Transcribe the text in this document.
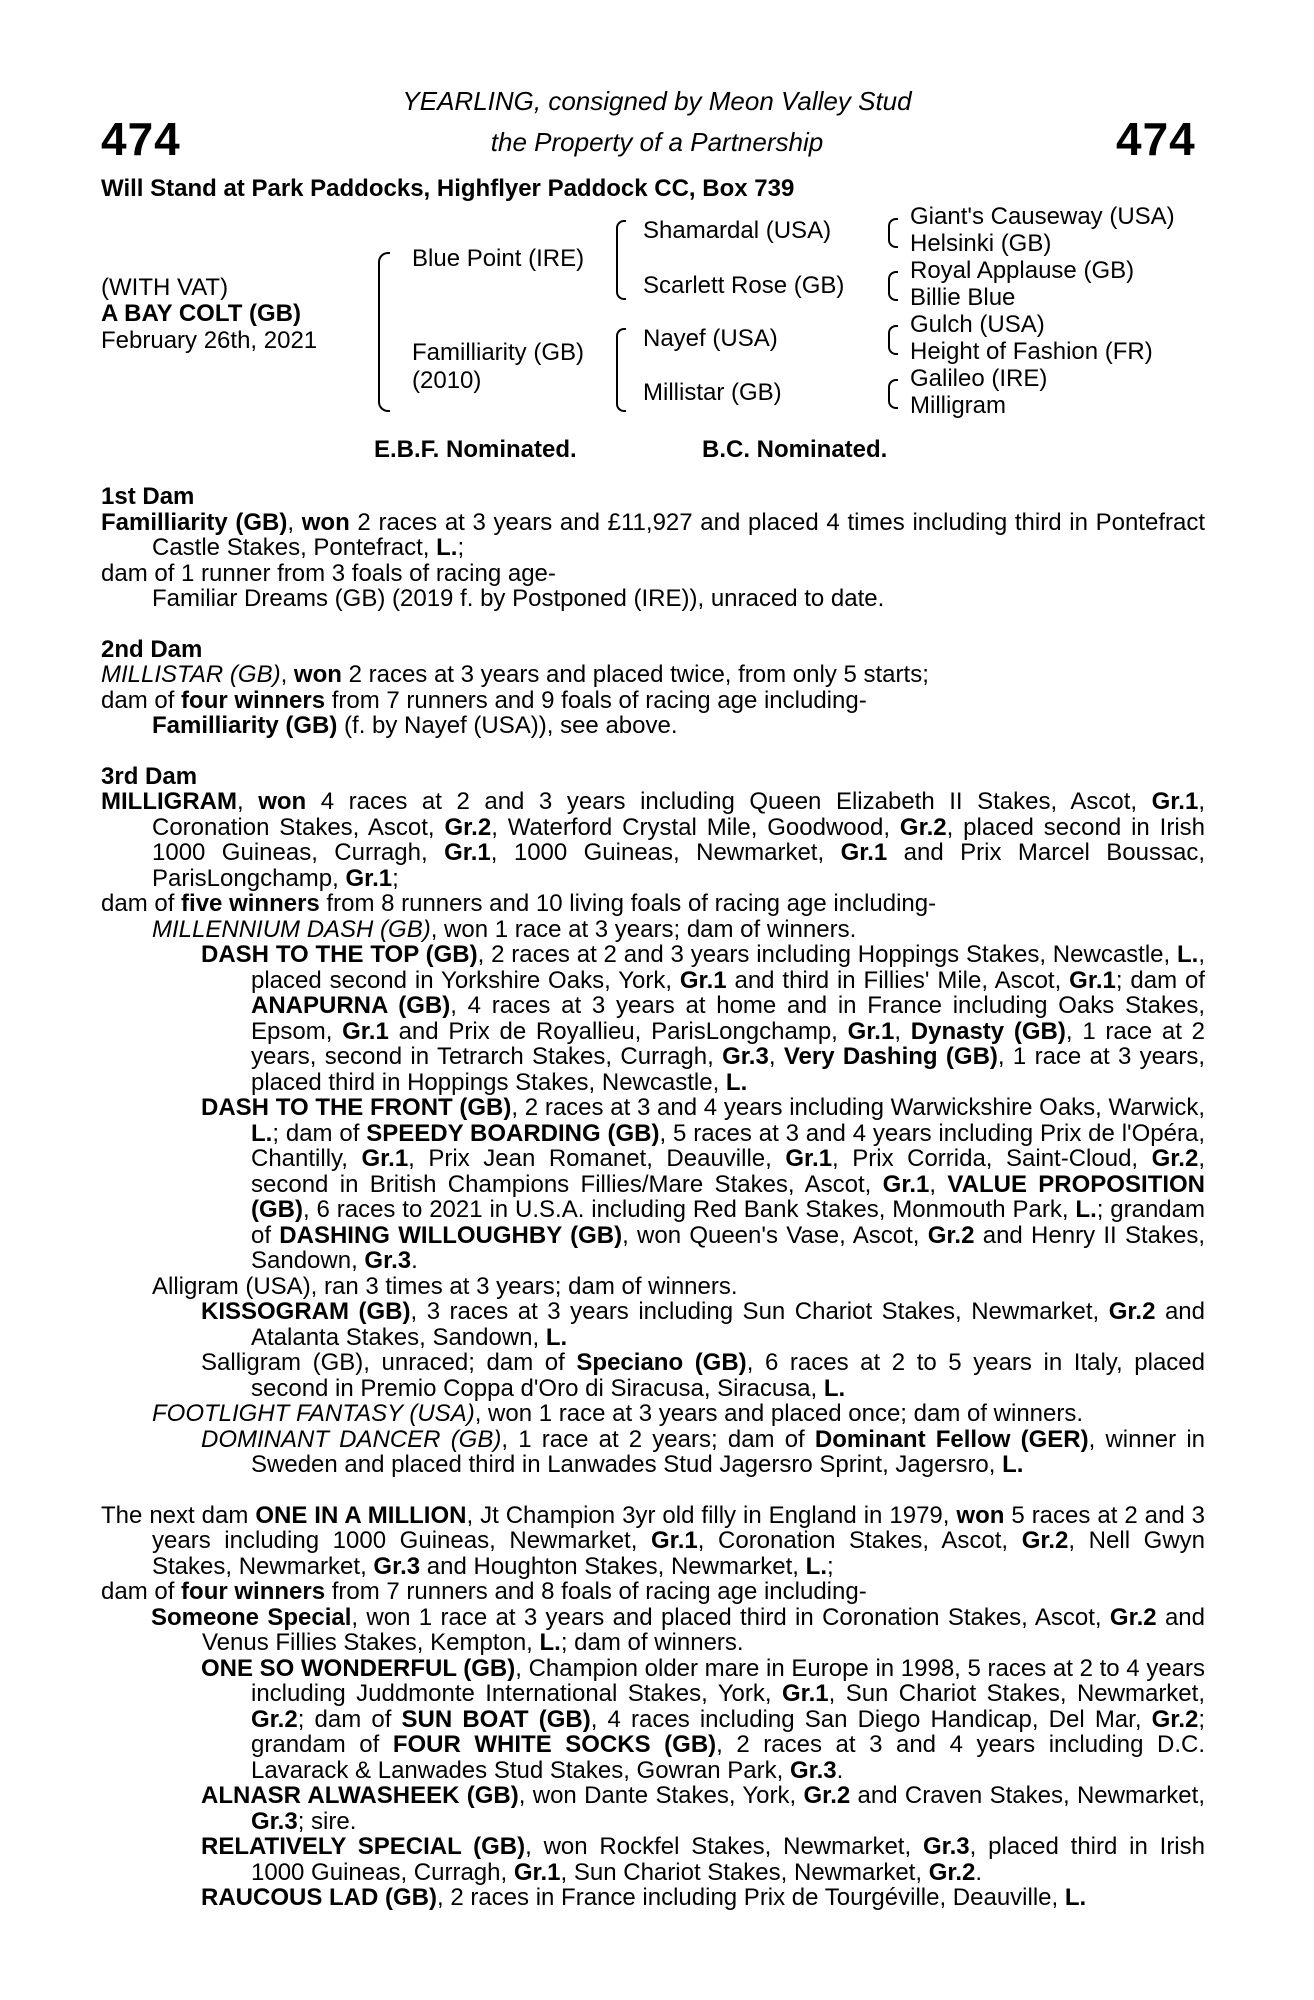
474	474
YEARLING, consigned by Meon Valley Stud
the Property of a Partnership
Will Stand at Park Paddocks, Highflyer Paddock CC, Box 739
(WITH VAT)
A BAY COLT (GB)
February 26th, 2021
Blue Point (IRE)
Familliarity (GB)
(2010)
Shamardal (USA)
Scarlett Rose (GB)
Nayef (USA)
Millistar (GB)
Giant's Causeway (USA)
Helsinki (GB)
Royal Applause (GB)
Billie Blue
Gulch (USA)
Height of Fashion (FR)
Galileo (IRE)
Milligram
E.B.F. Nominated.	B.C. Nominated.

1st Dam

Familliarity (GB), won 2 races at 3 years and £11,927 and placed 4 times including third in Pontefract Castle Stakes, Pontefract, L.;

dam of 1 runner from 3 foals of racing age-

Familiar Dreams (GB) (2019 f. by Postponed (IRE)), unraced to date.

2nd Dam

MILLISTAR (GB), won 2 races at 3 years and placed twice, from only 5 starts;

dam of four winners from 7 runners and 9 foals of racing age including-

Familliarity (GB) (f. by Nayef (USA)), see above.

3rd Dam

MILLIGRAM, won 4 races at 2 and 3 years including Queen Elizabeth II Stakes, Ascot, Gr.1, Coronation Stakes, Ascot, Gr.2, Waterford Crystal Mile, Goodwood, Gr.2, placed second in Irish 1000 Guineas, Curragh, Gr.1, 1000 Guineas, Newmarket, Gr.1 and Prix Marcel Boussac, ParisLongchamp, Gr.1;

dam of five winners from 8 runners and 10 living foals of racing age including-

MILLENNIUM DASH (GB), won 1 race at 3 years; dam of winners.

DASH TO THE TOP (GB), 2 races at 2 and 3 years including Hoppings Stakes, Newcastle, L., placed second in Yorkshire Oaks, York, Gr.1 and third in Fillies' Mile, Ascot, Gr.1; dam of ANAPURNA (GB), 4 races at 3 years at home and in France including Oaks Stakes, Epsom, Gr.1 and Prix de Royallieu, ParisLongchamp, Gr.1, Dynasty (GB), 1 race at 2 years, second in Tetrarch Stakes, Curragh, Gr.3, Very Dashing (GB), 1 race at 3 years, placed third in Hoppings Stakes, Newcastle, L.

DASH TO THE FRONT (GB), 2 races at 3 and 4 years including Warwickshire Oaks, Warwick, L.; dam of SPEEDY BOARDING (GB), 5 races at 3 and 4 years including Prix de l'Opéra, Chantilly, Gr.1, Prix Jean Romanet, Deauville, Gr.1, Prix Corrida, Saint-Cloud, Gr.2, second in British Champions Fillies/Mare Stakes, Ascot, Gr.1, VALUE PROPOSITION (GB), 6 races to 2021 in U.S.A. including Red Bank Stakes, Monmouth Park, L.; grandam of DASHING WILLOUGHBY (GB), won Queen's Vase, Ascot, Gr.2 and Henry II Stakes, Sandown, Gr.3.

Alligram (USA), ran 3 times at 3 years; dam of winners.

KISSOGRAM (GB), 3 races at 3 years including Sun Chariot Stakes, Newmarket, Gr.2 and Atalanta Stakes, Sandown, L.

Salligram (GB), unraced; dam of Speciano (GB), 6 races at 2 to 5 years in Italy, placed second in Premio Coppa d'Oro di Siracusa, Siracusa, L.

FOOTLIGHT FANTASY (USA), won 1 race at 3 years and placed once; dam of winners.

DOMINANT DANCER (GB), 1 race at 2 years; dam of Dominant Fellow (GER), winner in Sweden and placed third in Lanwades Stud Jagersro Sprint, Jagersro, L.

The next dam ONE IN A MILLION, Jt Champion 3yr old filly in England in 1979, won 5 races at 2 and 3 years including 1000 Guineas, Newmarket, Gr.1, Coronation Stakes, Ascot, Gr.2, Nell Gwyn Stakes, Newmarket, Gr.3 and Houghton Stakes, Newmarket, L.;

dam of four winners from 7 runners and 8 foals of racing age including-

Someone Special, won 1 race at 3 years and placed third in Coronation Stakes, Ascot, Gr.2 and Venus Fillies Stakes, Kempton, L.; dam of winners.

ONE SO WONDERFUL (GB), Champion older mare in Europe in 1998, 5 races at 2 to 4 years including Juddmonte International Stakes, York, Gr.1, Sun Chariot Stakes, Newmarket, Gr.2; dam of SUN BOAT (GB), 4 races including San Diego Handicap, Del Mar, Gr.2; grandam of FOUR WHITE SOCKS (GB), 2 races at 3 and 4 years including D.C. Lavarack & Lanwades Stud Stakes, Gowran Park, Gr.3.

ALNASR ALWASHEEK (GB), won Dante Stakes, York, Gr.2 and Craven Stakes, Newmarket, Gr.3; sire.

RELATIVELY SPECIAL (GB), won Rockfel Stakes, Newmarket, Gr.3, placed third in Irish 1000 Guineas, Curragh, Gr.1, Sun Chariot Stakes, Newmarket, Gr.2.

RAUCOUS LAD (GB), 2 races in France including Prix de Tourgéville, Deauville, L.
